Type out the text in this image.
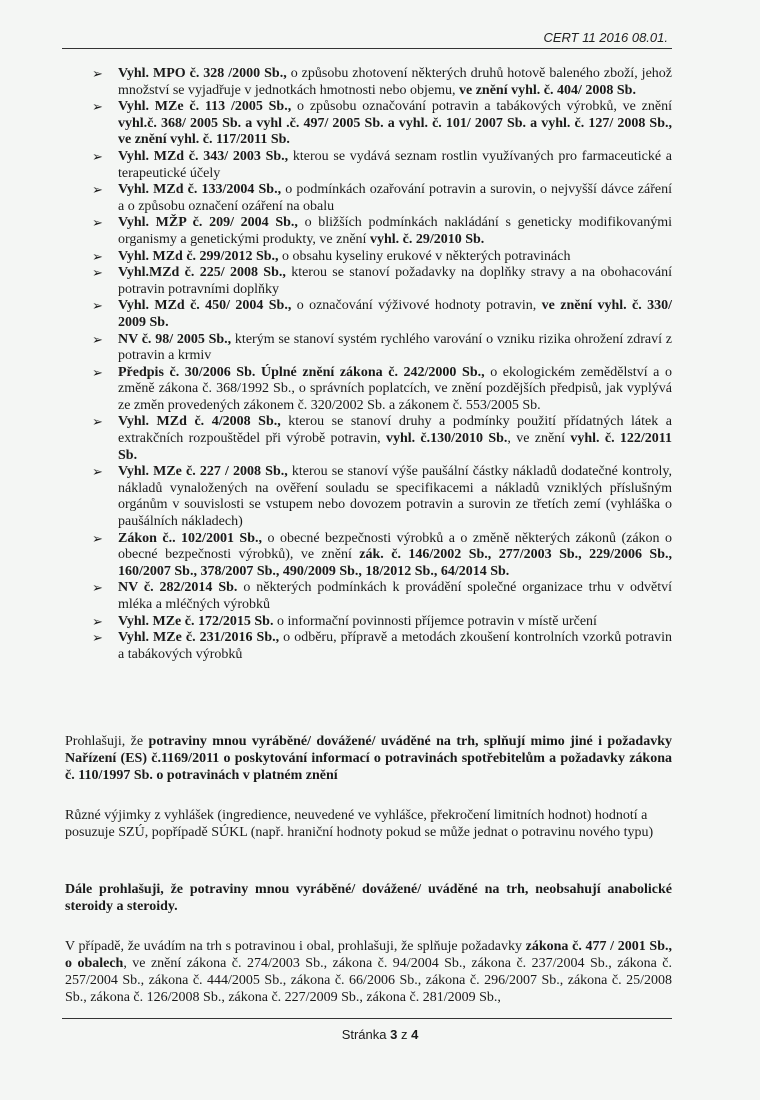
CERT 11 2016 08.01.
➢ Vyhl. MPO č. 328 /2000 Sb., o způsobu zhotovení některých druhů hotově baleného zboží, jehož množství se vyjadřuje v jednotkách hmotnosti nebo objemu, ve znění vyhl. č. 404/ 2008 Sb.
➢ Vyhl. MZe č. 113 /2005 Sb., o způsobu označování potravin a tabákových výrobků, ve znění vyhl.č. 368/ 2005 Sb. a vyhl .č. 497/ 2005 Sb. a vyhl. č. 101/ 2007 Sb. a vyhl. č. 127/ 2008 Sb., ve znění vyhl. č. 117/2011 Sb.
➢ Vyhl. MZd č. 343/ 2003 Sb., kterou se vydává seznam rostlin využívaných pro farmaceutické a terapeutické účely
➢ Vyhl. MZd č. 133/2004 Sb., o podmínkách ozařování potravin a surovin, o nejvyšší dávce záření a o způsobu označení ozáření na obalu
➢ Vyhl. MŽP č. 209/ 2004 Sb., o bližších podmínkách nakládání s geneticky modifikovanými organismy a genetickými produkty, ve znění vyhl. č. 29/2010 Sb.
➢ Vyhl. MZd č. 299/2012 Sb., o obsahu kyseliny erukové v některých potravinách
➢ Vyhl.MZd č. 225/ 2008 Sb., kterou se stanoví požadavky na doplňky stravy a na obohacování potravin potravními doplňky
➢ Vyhl. MZd č. 450/ 2004 Sb., o označování výživové hodnoty potravin, ve znění vyhl. č. 330/ 2009 Sb.
➢ NV č. 98/ 2005 Sb., kterým se stanoví systém rychlého varování o vzniku rizika ohrožení zdraví z potravin a krmiv
➢ Předpis č. 30/2006 Sb. Úplné znění zákona č. 242/2000 Sb., o ekologickém zemědělství a o změně zákona č. 368/1992 Sb., o správních poplatcích, ve znění pozdějších předpisů, jak vyplývá ze změn provedených zákonem č. 320/2002 Sb. a zákonem č. 553/2005 Sb.
➢ Vyhl. MZd č. 4/2008 Sb., kterou se stanoví druhy a podmínky použití přídatných látek a extrakčních rozpouštědel při výrobě potravin, vyhl. č.130/2010 Sb., ve znění vyhl. č. 122/2011 Sb.
➢ Vyhl. MZe č. 227 / 2008 Sb., kterou se stanoví výše paušální částky nákladů dodatečné kontroly, nákladů vynaložených na ověření souladu se specifikacemi a nákladů vzniklých příslušným orgánům v souvislosti se vstupem nebo dovozem potravin a surovin ze třetích zemí (vyhláška o paušálních nákladech)
➢ Zákon č.. 102/2001 Sb., o obecné bezpečnosti výrobků a o změně některých zákonů (zákon o obecné bezpečnosti výrobků), ve znění zák. č. 146/2002 Sb., 277/2003 Sb., 229/2006 Sb., 160/2007 Sb., 378/2007 Sb., 490/2009 Sb., 18/2012 Sb., 64/2014 Sb.
➢ NV č. 282/2014 Sb. o některých podmínkách k provádění společné organizace trhu v odvětví mléka a mléčných výrobků
➢ Vyhl. MZe č. 172/2015 Sb. o informační povinnosti příjemce potravin v místě určení
➢ Vyhl. MZe č. 231/2016 Sb., o odběru, přípravě a metodách zkoušení kontrolních vzorků potravin a tabákových výrobků
Prohlašuji, že potraviny mnou vyráběné/ dovážené/ uváděné na trh, splňují mimo jiné i požadavky Nařízení (ES) č.1169/2011 o poskytování informací o potravinách spotřebitelům a požadavky zákona č. 110/1997 Sb. o potravinách v platném znění
Různé výjimky z vyhlášek (ingredience, neuvedené ve vyhlášce, překročení limitních hodnot) hodnotí a posuzuje SZÚ, popřípadě SÚKL (např. hraniční hodnoty pokud se může jednat o potravinu nového typu)
Dále prohlašuji, že potraviny mnou vyráběné/ dovážené/ uváděné na trh, neobsahují anabolické steroidy a steroidy.
V případě, že uvádím na trh s potravinou i obal, prohlašuji, že splňuje požadavky zákona č. 477 / 2001 Sb., o obalech, ve znění zákona č. 274/2003 Sb., zákona č. 94/2004 Sb., zákona č. 237/2004 Sb., zákona č. 257/2004 Sb., zákona č. 444/2005 Sb., zákona č. 66/2006 Sb., zákona č. 296/2007 Sb., zákona č. 25/2008 Sb., zákona č. 126/2008 Sb., zákona č. 227/2009 Sb., zákona č. 281/2009 Sb.,
Stránka 3 z 4
